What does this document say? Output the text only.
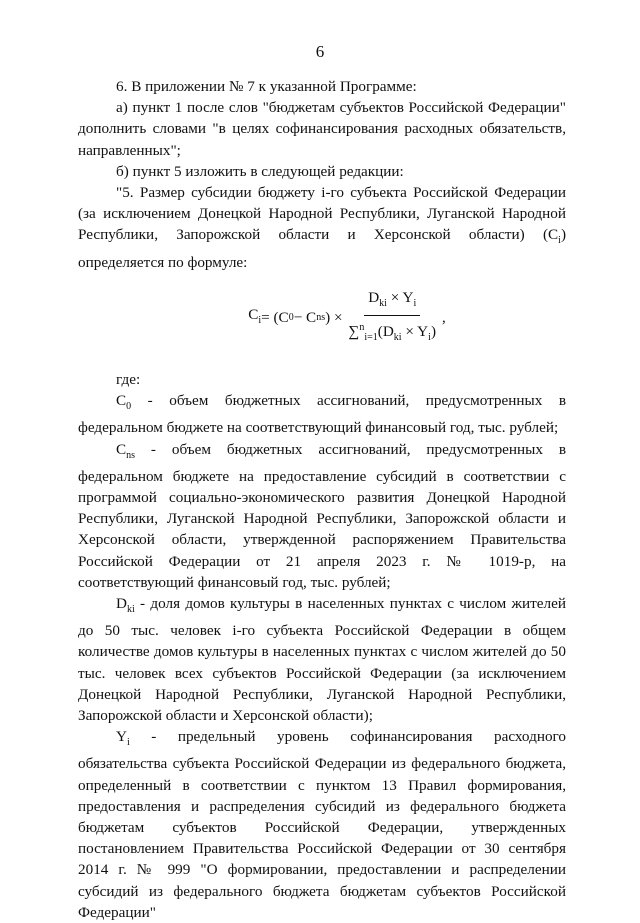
6

6. В приложении № 7 к указанной Программе:

а) пункт 1 после слов "бюджетам субъектов Российской Федерации" дополнить словами "в целях софинансирования расходных обязательств, направленных";

б) пункт 5 изложить в следующей редакции:

"5. Размер субсидии бюджету i-го субъекта Российской Федерации (за исключением Донецкой Народной Республики, Луганской Народной Республики, Запорожской области и Херсонской области) $(C_i)$ определяется по формуле:

$C_i = (C$ 0 − C ns ) × $\frac{D_{ki} \times Y_i}{\sum^n_{i=1}(D_{ki} \times Y_i)}$ ,

где:

$C_0$ - объем бюджетных ассигнований, предусмотренных в федеральном бюджете на соответствующий финансовый год, тыс. рублей;

$C_{ns}$ - объем бюджетных ассигнований, предусмотренных в федеральном бюджете на предоставление субсидий в соответствии с программой социально-экономического развития Донецкой Народной Республики, Луганской Народной Республики, Запорожской области и Херсонской области, утвержденной распоряжением Правительства Российской Федерации от 21 апреля 2023 г. № 1019-р, на соответствующий финансовый год, тыс. рублей;

$D_{ki}$ - доля домов культуры в населенных пунктах с числом жителей до 50 тыс. человек i-го субъекта Российской Федерации в общем количестве домов культуры в населенных пунктах с числом жителей до 50 тыс. человек всех субъектов Российской Федерации (за исключением Донецкой Народной Республики, Луганской Народной Республики, Запорожской области и Херсонской области);

$Y_i$ - предельный уровень софинансирования расходного обязательства субъекта Российской Федерации из федерального бюджета, определенный в соответствии с пунктом 13 Правил формирования, предоставления и распределения субсидий из федерального бюджета бюджетам субъектов Российской Федерации, утвержденных постановлением Правительства Российской Федерации от 30 сентября 2014 г. № 999 "О формировании, предоставлении и распределении субсидий из федерального бюджета бюджетам субъектов Российской Федерации"
